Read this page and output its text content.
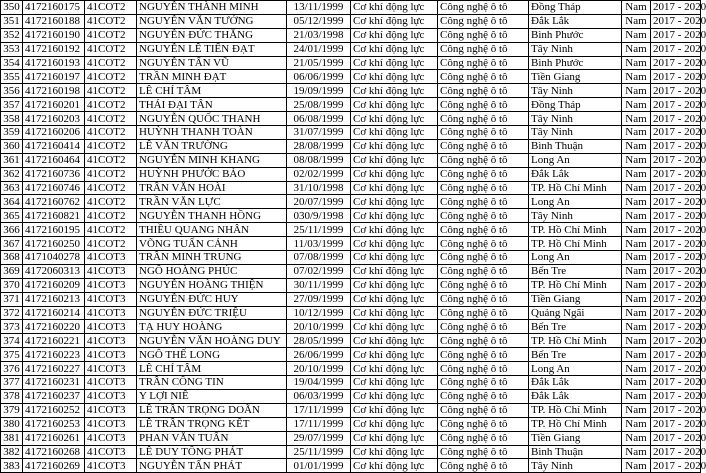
350	4172160175	41COT2	NGUYỄN THÀNH MINH	13/11/1999	Cơ khí động lực	Công nghệ ô tô	Đồng Tháp	Nam	2017 - 2020
351	4172160188	41COT2	NGUYỄN VĂN TƯỞNG	05/12/1999	Cơ khí động lực	Công nghệ ô tô	Đắk Lắk	Nam	2017 - 2020
352	4172160190	41COT2	NGUYỄN ĐỨC THẮNG	21/03/1998	Cơ khí động lực	Công nghệ ô tô	Bình Phước	Nam	2017 - 2020
353	4172160192	41COT2	NGUYỄN LÊ TIẾN ĐẠT	24/01/1999	Cơ khí động lực	Công nghệ ô tô	Tây Ninh	Nam	2017 - 2020
354	4172160193	41COT2	NGUYỄN TẤN VŨ	21/05/1999	Cơ khí động lực	Công nghệ ô tô	Bình Phước	Nam	2017 - 2020
355	4172160197	41COT2	TRẦN MINH ĐẠT	06/06/1999	Cơ khí động lực	Công nghệ ô tô	Tiền Giang	Nam	2017 - 2020
356	4172160198	41COT2	LÊ CHÍ TÂM	19/09/1999	Cơ khí động lực	Công nghệ ô tô	Tây Ninh	Nam	2017 - 2020
357	4172160201	41COT2	THÁI ĐẠI TÂN	25/08/1999	Cơ khí động lực	Công nghệ ô tô	Đồng Tháp	Nam	2017 - 2020
358	4172160203	41COT2	NGUYỄN QUỐC THANH	06/08/1999	Cơ khí động lực	Công nghệ ô tô	Tây Ninh	Nam	2017 - 2020
359	4172160206	41COT2	HUỲNH THANH TOÀN	31/07/1999	Cơ khí động lực	Công nghệ ô tô	Tây Ninh	Nam	2017 - 2020
360	4172160414	41COT2	LÊ VĂN TRƯỜNG	28/08/1999	Cơ khí động lực	Công nghệ ô tô	Bình Thuận	Nam	2017 - 2020
361	4172160464	41COT2	NGUYỄN MINH KHANG	08/08/1999	Cơ khí động lực	Công nghệ ô tô	Long An	Nam	2017 - 2020
362	4172160736	41COT2	HUỲNH PHƯỚC BẢO	02/02/1999	Cơ khí động lực	Công nghệ ô tô	Đắk Lắk	Nam	2017 - 2020
363	4172160746	41COT2	TRẦN VĂN HOÀI	31/10/1998	Cơ khí động lực	Công nghệ ô tô	TP. Hồ Chí Minh	Nam	2017 - 2020
364	4172160762	41COT2	TRẦN VĂN LỰC	20/07/1999	Cơ khí động lực	Công nghệ ô tô	Long An	Nam	2017 - 2020
365	4172160821	41COT2	NGUYỄN THANH HỒNG	030/9/1998	Cơ khí động lực	Công nghệ ô tô	Tây Ninh	Nam	2017 - 2020
366	4172160195	41COT2	THIỀU QUANG NHÂN	25/11/1999	Cơ khí động lực	Công nghệ ô tô	TP. Hồ Chí Minh	Nam	2017 - 2020
367	4172160250	41COT2	VÕNG TUẤN CẢNH	11/03/1999	Cơ khí động lực	Công nghệ ô tô	TP. Hồ Chí Minh	Nam	2017 - 2020
368	4171040278	41COT3	TRẦN MINH TRUNG	07/08/1999	Cơ khí động lực	Công nghệ ô tô	Long An	Nam	2017 - 2020
369	4172060313	41COT3	NGÔ HOÀNG PHÚC	07/02/1999	Cơ khí động lực	Công nghệ ô tô	Bến Tre	Nam	2017 - 2020
370	4172160209	41COT3	NGUYỄN HOÀNG THIỆN	30/11/1999	Cơ khí động lực	Công nghệ ô tô	TP. Hồ Chí Minh	Nam	2017 - 2020
371	4172160213	41COT3	NGUYỄN ĐỨC HUY	27/09/1999	Cơ khí động lực	Công nghệ ô tô	Tiền Giang	Nam	2017 - 2020
372	4172160214	41COT3	NGUYỄN ĐỨC TRIỆU	10/12/1999	Cơ khí động lực	Công nghệ ô tô	Quảng Ngãi	Nam	2017 - 2020
373	4172160220	41COT3	TẠ HUY HOÀNG	20/10/1999	Cơ khí động lực	Công nghệ ô tô	Bến Tre	Nam	2017 - 2020
374	4172160221	41COT3	NGUYỄN VĂN HOÀNG DUY	28/05/1999	Cơ khí động lực	Công nghệ ô tô	TP. Hồ Chí Minh	Nam	2017 - 2020
375	4172160223	41COT3	NGÔ THẾ LONG	26/06/1999	Cơ khí động lực	Công nghệ ô tô	Bến Tre	Nam	2017 - 2020
376	4172160227	41COT3	LÊ CHÍ TÂM	20/10/1999	Cơ khí động lực	Công nghệ ô tô	Long An	Nam	2017 - 2020
377	4172160231	41COT3	TRẦN CÔNG TIN	19/04/1999	Cơ khí động lực	Công nghệ ô tô	Đắk Lắk	Nam	2017 - 2020
378	4172160237	41COT3	Y LỢI NIÊ	06/03/1999	Cơ khí động lực	Công nghệ ô tô	Đắk Lắk	Nam	2017 - 2020
379	4172160252	41COT3	LÊ TRẦN TRỌNG DOÃN	17/11/1999	Cơ khí động lực	Công nghệ ô tô	TP. Hồ Chí Minh	Nam	2017 - 2020
380	4172160253	41COT3	LÊ TRẦN TRỌNG KẾT	17/11/1999	Cơ khí động lực	Công nghệ ô tô	TP. Hồ Chí Minh	Nam	2017 - 2020
381	4172160261	41COT3	PHAN VĂN TUẤN	29/07/1999	Cơ khí động lực	Công nghệ ô tô	Tiền Giang	Nam	2017 - 2020
382	4172160268	41COT3	LÊ DUY TÔNG PHÁT	25/11/1999	Cơ khí động lực	Công nghệ ô tô	Bình Thuận	Nam	2017 - 2020
383	4172160269	41COT3	NGUYỄN TẤN PHÁT	01/01/1999	Cơ khí động lực	Công nghệ ô tô	Tây Ninh	Nam	2017 - 2020
